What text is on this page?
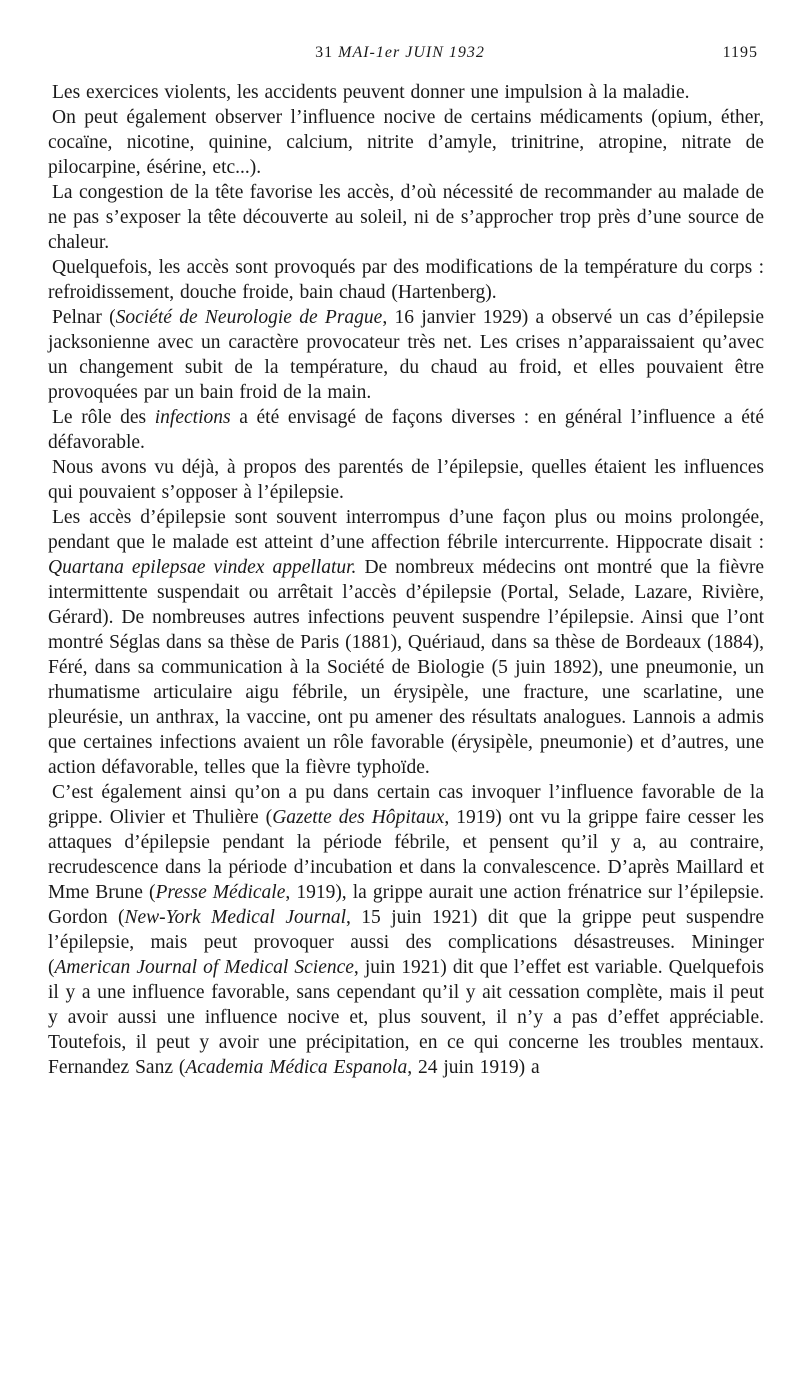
31 MAI-1er JUIN 1932	1195

Les exercices violents, les accidents peuvent donner une impulsion à la maladie.

On peut également observer l’influence nocive de certains médicaments (opium, éther, cocaïne, nicotine, quinine, calcium, nitrite d’amyle, trinitrine, atropine, nitrate de pilocarpine, ésérine, etc...).

La congestion de la tête favorise les accès, d’où nécessité de recommander au malade de ne pas s’exposer la tête découverte au soleil, ni de s’approcher trop près d’une source de chaleur.

Quelquefois, les accès sont provoqués par des modifications de la température du corps : refroidissement, douche froide, bain chaud (Hartenberg).

Pelnar (Société de Neurologie de Prague, 16 janvier 1929) a observé un cas d’épilepsie jacksonienne avec un caractère provocateur très net. Les crises n’apparaissaient qu’avec un changement subit de la température, du chaud au froid, et elles pouvaient être provoquées par un bain froid de la main.

Le rôle des infections a été envisagé de façons diverses : en général l’influence a été défavorable.

Nous avons vu déjà, à propos des parentés de l’épilepsie, quelles étaient les influences qui pouvaient s’opposer à l’épilepsie.

Les accès d’épilepsie sont souvent interrompus d’une façon plus ou moins prolongée, pendant que le malade est atteint d’une affection fébrile intercurrente. Hippocrate disait : Quartana epilepsae vindex appellatur. De nombreux médecins ont montré que la fièvre intermittente suspendait ou arrêtait l’accès d’épilepsie (Portal, Selade, Lazare, Rivière, Gérard). De nombreuses autres infections peuvent suspendre l’épilepsie. Ainsi que l’ont montré Séglas dans sa thèse de Paris (1881), Quériaud, dans sa thèse de Bordeaux (1884), Féré, dans sa communication à la Société de Biologie (5 juin 1892), une pneumonie, un rhumatisme articulaire aigu fébrile, un érysipèle, une fracture, une scarlatine, une pleurésie, un anthrax, la vaccine, ont pu amener des résultats analogues. Lannois a admis que certaines infections avaient un rôle favorable (érysipèle, pneumonie) et d’autres, une action défavorable, telles que la fièvre typhoïde.

C’est également ainsi qu’on a pu dans certain cas invoquer l’influence favorable de la grippe. Olivier et Thulière (Gazette des Hôpitaux, 1919) ont vu la grippe faire cesser les attaques d’épilepsie pendant la période fébrile, et pensent qu’il y a, au contraire, recrudescence dans la période d’incubation et dans la convalescence. D’après Maillard et Mme Brune (Presse Médicale, 1919), la grippe aurait une action frénatrice sur l’épilepsie. Gordon (New-York Medical Journal, 15 juin 1921) dit que la grippe peut suspendre l’épilepsie, mais peut provoquer aussi des complications désastreuses. Mininger (American Journal of Medical Science, juin 1921) dit que l’effet est variable. Quelquefois il y a une influence favorable, sans cependant qu’il y ait cessation complète, mais il peut y avoir aussi une influence nocive et, plus souvent, il n’y a pas d’effet appréciable. Toutefois, il peut y avoir une précipitation, en ce qui concerne les troubles mentaux. Fernandez Sanz (Academia Médica Espanola, 24 juin 1919) a
